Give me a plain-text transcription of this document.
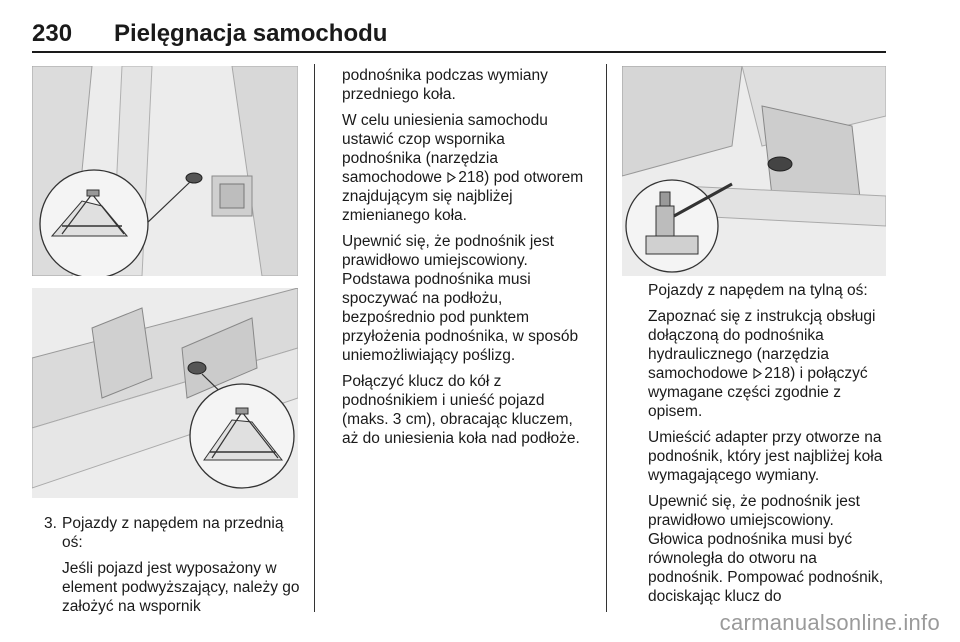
230 Pielęgnacja samochodu

3. Pojazdy z napędem na przednią oś:

Jeśli pojazd jest wyposażony w element podwyższający, należy go założyć na wspornik

podnośnika podczas wymiany przedniego koła.

W celu uniesienia samochodu ustawić czop wspornika podnośnika (narzędzia samochodowe 218) pod otworem znajdującym się najbliżej zmienianego koła.

Upewnić się, że podnośnik jest prawidłowo umiejscowiony. Podstawa podnośnika musi spoczywać na podłożu, bezpośrednio pod punktem przyłożenia podnośnika, w sposób uniemożliwiający poślizg.

Połączyć klucz do kół z podnośnikiem i unieść pojazd (maks. 3 cm), obracając kluczem, aż do uniesienia koła nad podłoże.

Pojazdy z napędem na tylną oś:

Zapoznać się z instrukcją obsługi dołączoną do podnośnika hydraulicznego (narzędzia samochodowe 218) i połączyć wymagane części zgodnie z opisem.

Umieścić adapter przy otworze na podnośnik, który jest najbliżej koła wymagającego wymiany.

Upewnić się, że podnośnik jest prawidłowo umiejscowiony. Głowica podnośnika musi być równoległa do otworu na podnośnik. Pompować podnośnik, dociskając klucz do

carmanualsonline.info
